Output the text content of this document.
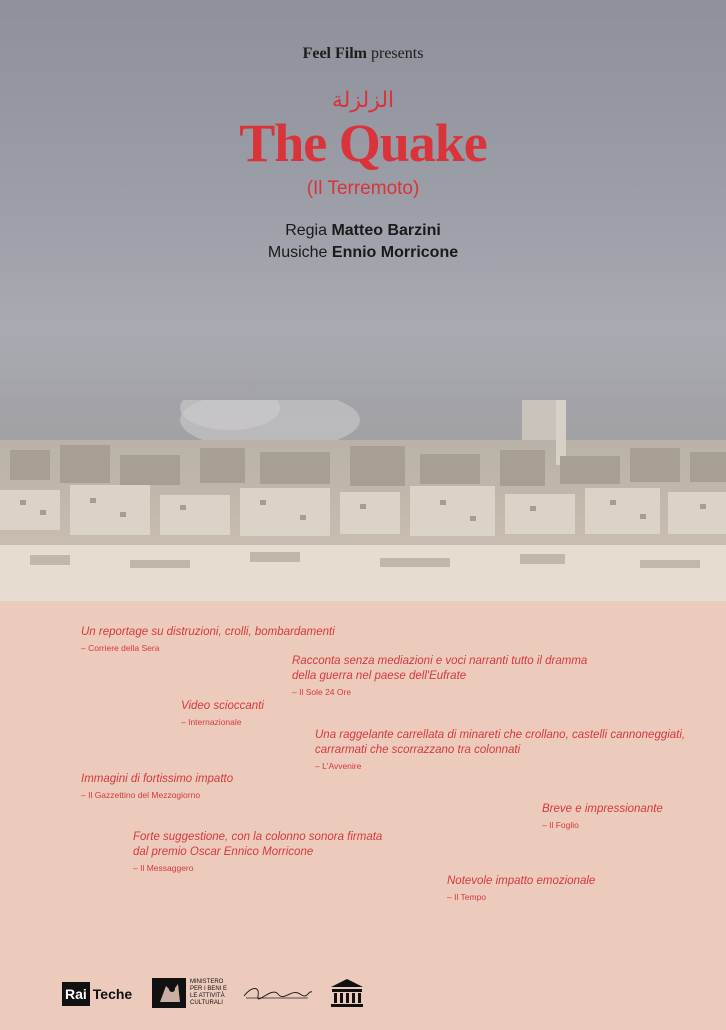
Feel Film presents
الزلزلة
The Quake
(Il Terremoto)
Regia Matteo Barzini
Musiche Ennio Morricone
Un reportage su distruzioni, crolli, bombardamenti
– Corriere della Sera
Racconta senza mediazioni e voci narranti tutto il dramma
della guerra nel paese dell'Eufrate
– Il Sole 24 Ore
Video scioccanti
– Internazionale
Una raggelante carrellata di minareti che crollano, castelli cannoneggiati,
carrarmati che scorrazzano tra colonnati
– L'Avvenire
Immagini di fortissimo impatto
– Il Gazzettino del Mezzogiorno
Breve e impressionante
– Il Foglio
Forte suggestione, con la colonno sonora firmata
dal premio Oscar Ennico Morricone
– Il Messaggero
Notevole impatto emozionale
– Il Tempo
Rai Teche
MINISTERO PER I BENI E LE ATTIVITÀ CULTURALI
